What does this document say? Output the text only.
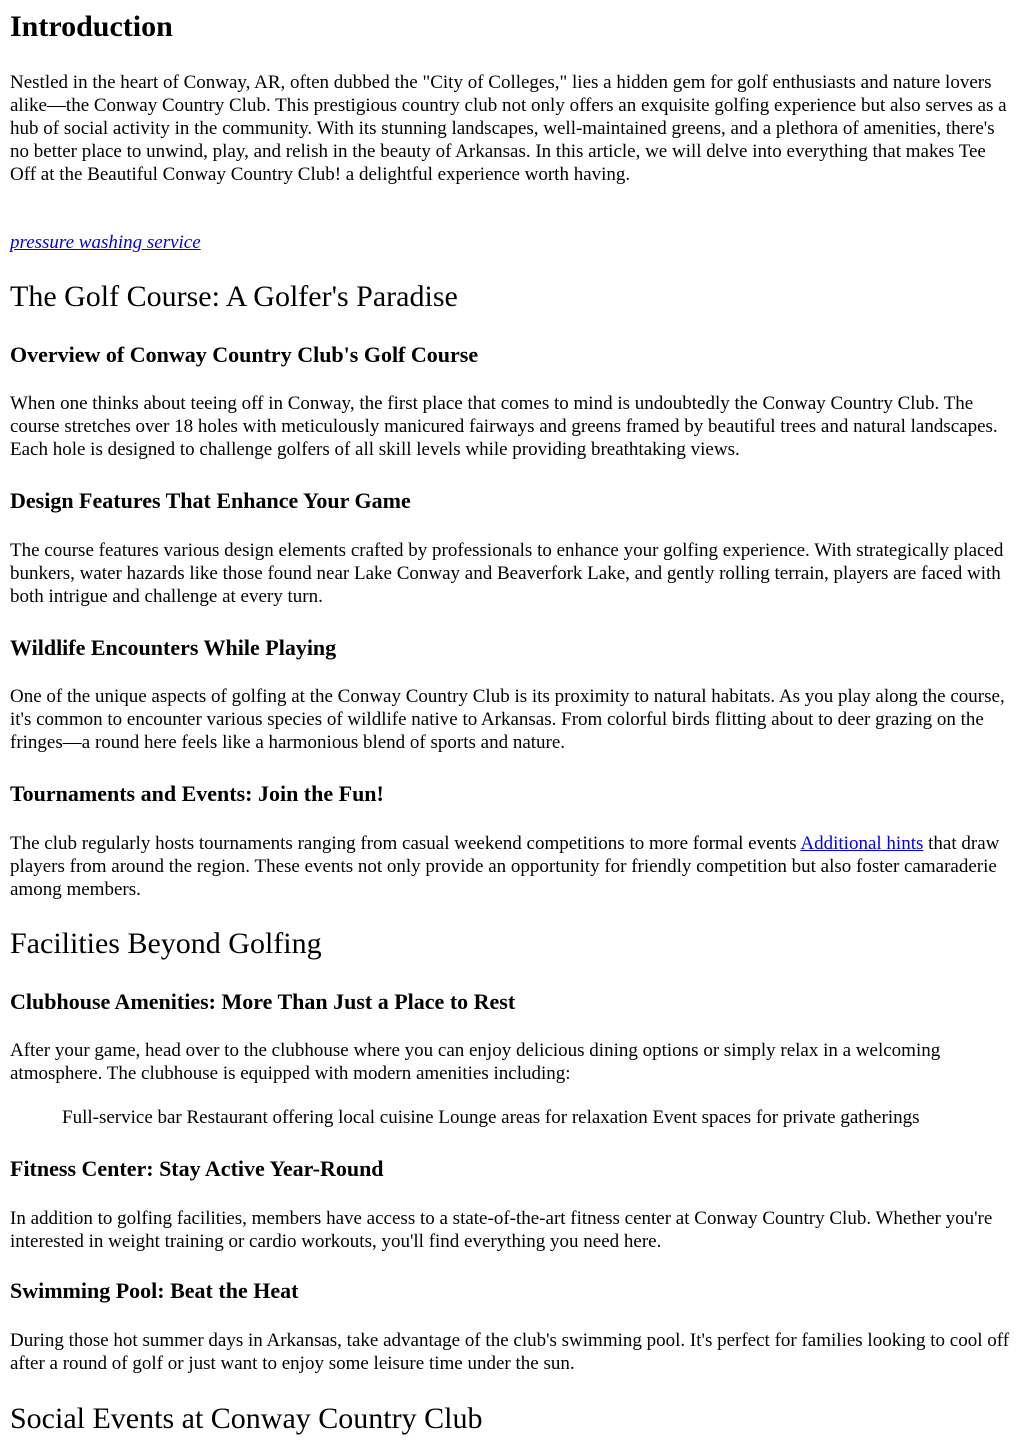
Introduction

Nestled in the heart of Conway, AR, often dubbed the "City of Colleges," lies a hidden gem for golf enthusiasts and nature lovers alike—the Conway Country Club. This prestigious country club not only offers an exquisite golfing experience but also serves as a hub of social activity in the community. With its stunning landscapes, well-maintained greens, and a plethora of amenities, there's no better place to unwind, play, and relish in the beauty of Arkansas. In this article, we will delve into everything that makes Tee Off at the Beautiful Conway Country Club! a delightful experience worth having.

pressure washing service

The Golf Course: A Golfer's Paradise
Overview of Conway Country Club's Golf Course

When one thinks about teeing off in Conway, the first place that comes to mind is undoubtedly the Conway Country Club. The course stretches over 18 holes with meticulously manicured fairways and greens framed by beautiful trees and natural landscapes. Each hole is designed to challenge golfers of all skill levels while providing breathtaking views.

Design Features That Enhance Your Game

The course features various design elements crafted by professionals to enhance your golfing experience. With strategically placed bunkers, water hazards like those found near Lake Conway and Beaverfork Lake, and gently rolling terrain, players are faced with both intrigue and challenge at every turn.

Wildlife Encounters While Playing

One of the unique aspects of golfing at the Conway Country Club is its proximity to natural habitats. As you play along the course, it's common to encounter various species of wildlife native to Arkansas. From colorful birds flitting about to deer grazing on the fringes—a round here feels like a harmonious blend of sports and nature.

Tournaments and Events: Join the Fun!

The club regularly hosts tournaments ranging from casual weekend competitions to more formal events Additional hints that draw players from around the region. These events not only provide an opportunity for friendly competition but also foster camaraderie among members.

Facilities Beyond Golfing
Clubhouse Amenities: More Than Just a Place to Rest

After your game, head over to the clubhouse where you can enjoy delicious dining options or simply relax in a welcoming atmosphere. The clubhouse is equipped with modern amenities including:

Full-service bar Restaurant offering local cuisine Lounge areas for relaxation Event spaces for private gatherings
Fitness Center: Stay Active Year-Round

In addition to golfing facilities, members have access to a state-of-the-art fitness center at Conway Country Club. Whether you're interested in weight training or cardio workouts, you'll find everything you need here.

Swimming Pool: Beat the Heat

During those hot summer days in Arkansas, take advantage of the club's swimming pool. It's perfect for families looking to cool off after a round of golf or just want to enjoy some leisure time under the sun.

Social Events at Conway Country Club
